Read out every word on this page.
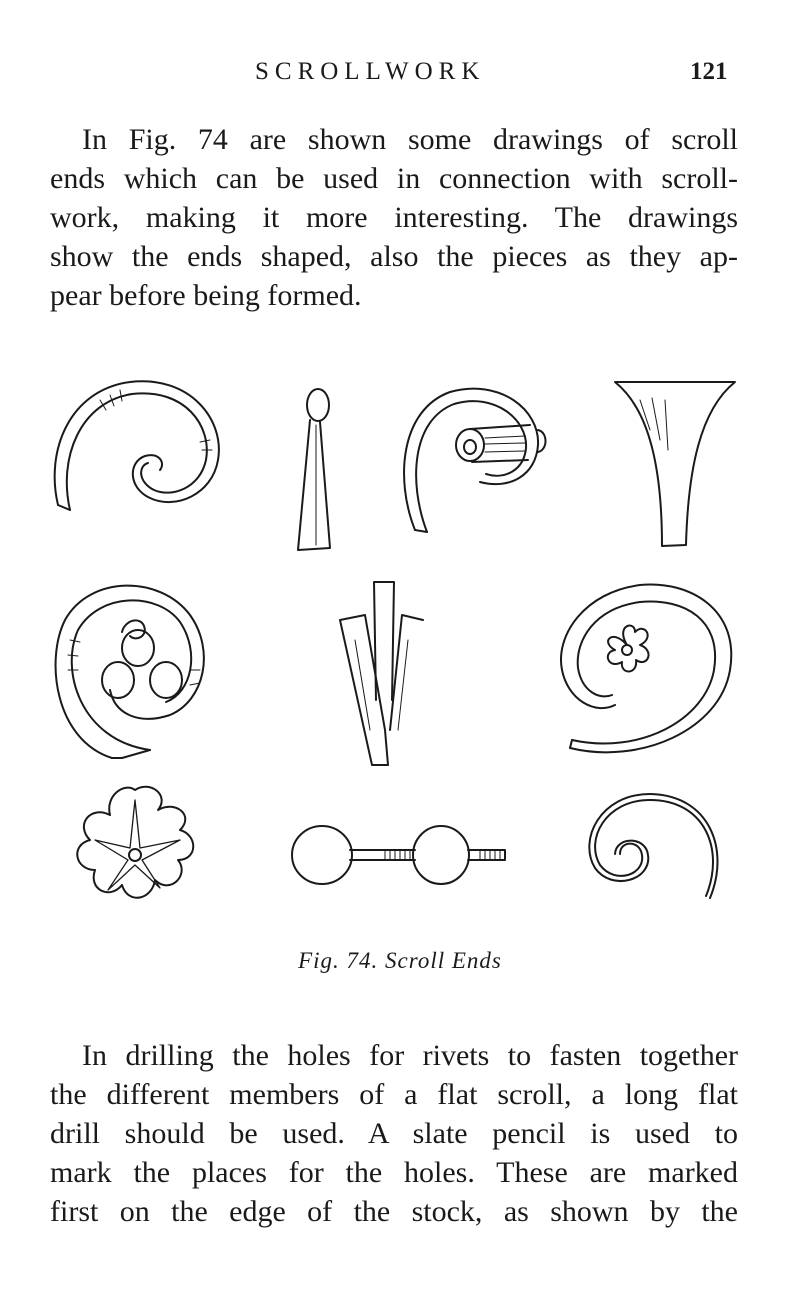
SCROLLWORK	121
In Fig. 74 are shown some drawings of scroll
ends which can be used in connection with scroll-
work, making it more interesting. The drawings
show the ends shaped, also the pieces as they ap-
pear before being formed.
Fig. 74. Scroll Ends
In drilling the holes for rivets to fasten together
the different members of a flat scroll, a long flat
drill should be used. A slate pencil is used to
mark the places for the holes. These are marked
first on the edge of the stock, as shown by the
